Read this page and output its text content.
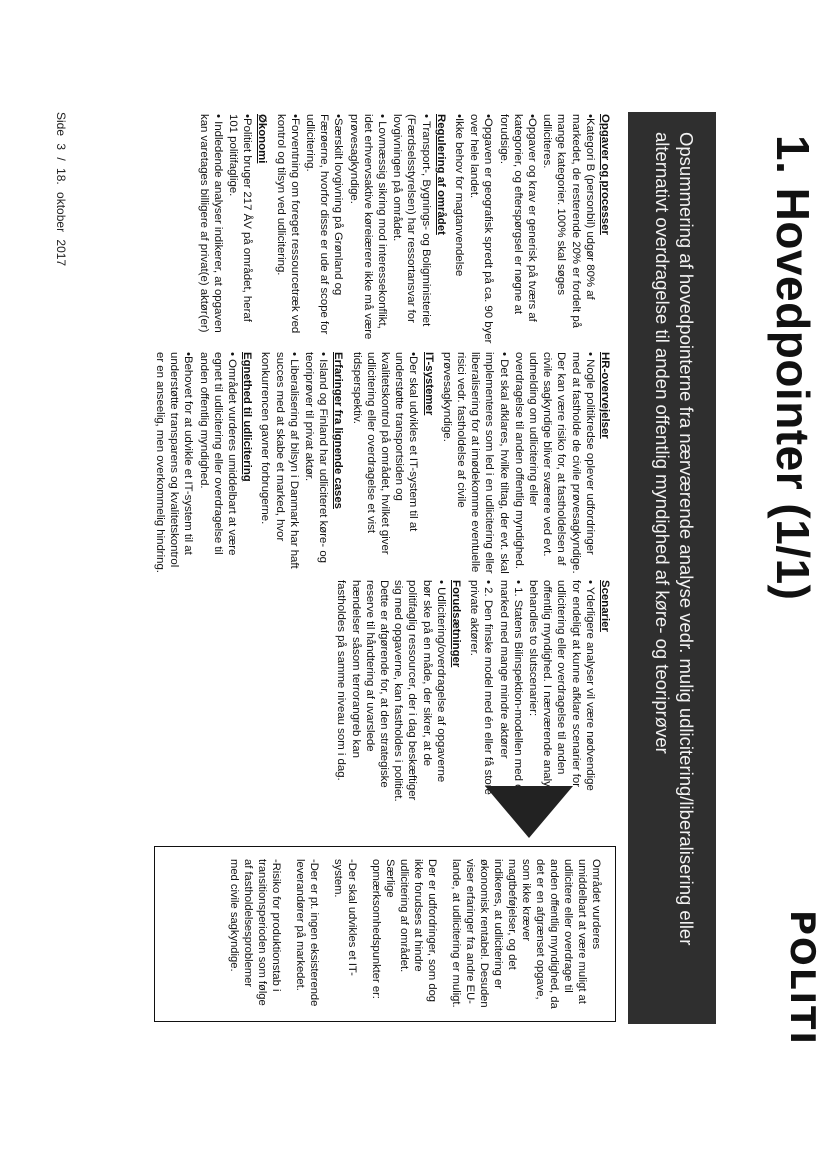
1. Hovedpointer (1/1)
POLITI
Opsummering af hovedpointerne fra nærværende analyse vedr. mulig udlicitering/liberalisering eller alternativt overdragelse til anden offentlig myndighed af køre- og teoriprøver
Opgaver og processer
•Kategori B (personbil) udgør 80% af markedet, de resterende 20% er fordelt på mange kategorier. 100% skal søges udliciteres.
•Opgaver og krav er generisk på tværs af kategorier, og efterspørgsel er nøgne at forudsige.
•Opgaven er geografisk spredt på ca. 90 byer over hele landet.
•Ikke behov for magtanvendelse
Regulering af området
• Transport-, Bygnings- og Boligministeriet (Færdselsstyrelsen) har ressortansvar for lovgivningen på området.
• Lovmæssig sikring mod interessekonflikt, idet erhvervsaktive køreiærere ikke må være prøvesagkyndige.
•Særskilt lovgivning på Grønland og Færøerne, hvorfor disse er ude af scope for udlicitering.
•Forventning om foreget ressourcetræk ved kontrol og tilsyn ved udlicitering.
Økonomi
•Politiet bruger 217 ÅV på området, heraf 101 politifaglige.
• Indledende analyser indikerer, at opgaven kan varetages billigere af privat(e) aktør(er)
HR-overvejelser
• Nogle politikredse oplever udfordringer med at fastholde de civile prøvesagkyndige. Der kan være risiko for, at fastholdelsen af civile sagkyndige bliver sværere ved evt. udmelding om udlicitering eller overdragelse til anden offentlig myndighed.
• Det skal afklares, hvilke tiltag, der evt. skal implementeres som led i en udlicitering eller liberalisering for at imødekomme eventuelle risici vedr. fastholdelse af civile prøvesagkyndige.
IT-systemer
•Der skal udvikles et IT-system til at understøtte transportsiden og kvalitetskontrol på området, hvilket giver udlicitering eller overdragelse et vist tidsperspektiv.
Erfaringer fra lignende cases
• Island og Finland har udliciteret køre- og teoriprøver til privat aktør.
• Liberalisering af bilsyn i Danmark har haft succes med at skabe et marked, hvor konkurrencen gavner forbrugerne.
Egnethed til udlicitering
• Området vurderes umiddelbart at være egnet til udlicitering eller overdragelse til anden offentlig myndighed.
•Behovet for at udvikle et IT-system til at understøtte transparens og kvalitetskontrol er en anseelig, men overkommelig hindring.
Scenarier
• Yderligere analyser vil være nødvendige for endeligt at kunne afklare scenarier for udlicitering eller overdragelse til anden offentlig myndighed. I nærværende analyse behandles to slutscenarier:
• 1. Statens Bilinspektion-modellen med et marked med mange mindre aktører
• 2. Den finske model med én eller få store private aktører.
Forudsætninger
• Udlicitering/overdragelse af opgaverne bør ske på en måde, der sikrer, at de politifaglig ressourcer, der i dag beskæftiger sig med opgaverne, kan fastholdes i politiet. Dette er afgørende for, at den strategiske reserve til håndtering af uvarslede hændelser såsom terrorangreb kan fastholdes på samme niveau som i dag.
Området vurderes umiddelbart at være muligt at udlicitere eller overdrage til anden offentlig myndighed, da det er en afgrænset opgave, som ikke kræver magtbeføjelser, og det indikeres, at udlicitering er økonomisk rentabel. Desuden viser erfaringer fra andre EU-lande, at udlicitering er muligt.
Der er udfordringer, som dog ikke forudses at hindre udlicitering af området. Særlige opmærksomhedspunkter er:
-Der skal udvikles et IT-system.
-Der er pt. ingen eksisterende leverandører på markedet.
-Risiko for produktionstab i transitionsperioden som følge af fastholdelsesproblemer med civile sagkyndige.
Side 3 / 18. oktober 2017
